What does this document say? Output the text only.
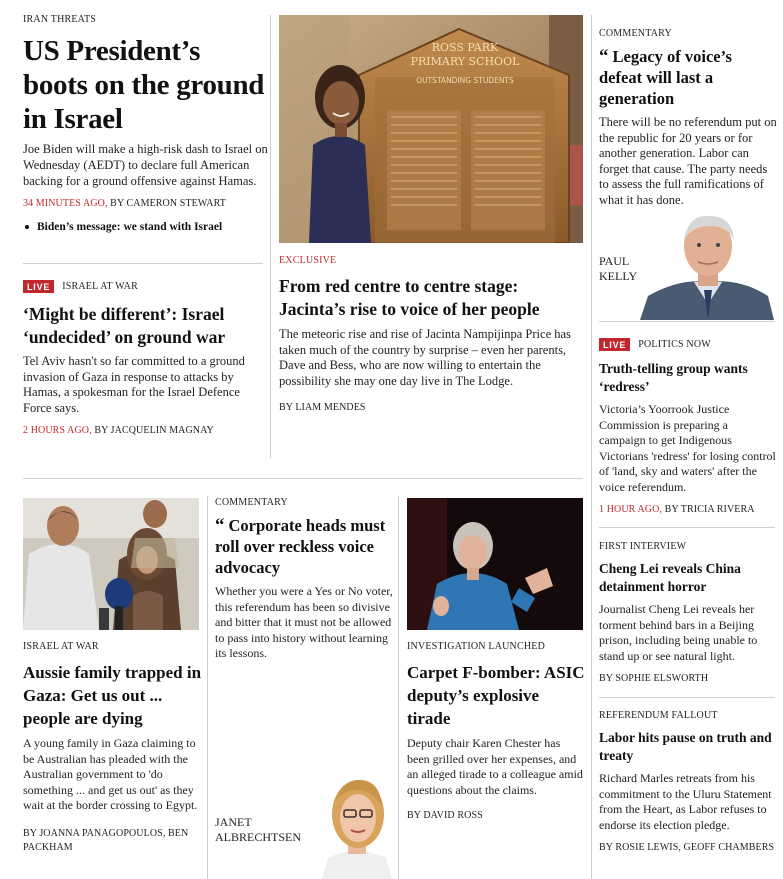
IRAN THREATS
US President’s boots on the ground in Israel

Joe Biden will make a high-risk dash to Israel on Wednesday (AEDT) to declare full American backing for a ground offensive against Hamas.

34 MINUTES AGO, BY CAMERON STEWART
Biden’s message: we stand with Israel
LIVE	ISRAEL AT WAR
‘Might be different’: Israel ‘undecided’ on ground war

Tel Aviv hasn't so far committed to a ground invasion of Gaza in response to attacks by Hamas, a spokesman for the Israel Defence Force says.

2 HOURS AGO, BY JACQUELIN MAGNAY
ROSS PARK
PRIMARY SCHOOL
OUTSTANDING STUDENTS
EXCLUSIVE
From red centre to centre stage: Jacinta’s rise to voice of her people

The meteoric rise and rise of Jacinta Nampijinpa Price has taken much of the country by surprise – even her parents, Dave and Bess, who are now willing to entertain the possibility she may one day live in The Lodge.

BY LIAM MENDES
COMMENTARY
“ Legacy of voice’s defeat will last a generation

There will be no referendum put on the republic for 20 years or for another generation. Labor can forget that cause. The party needs to assess the full ramifications of what it has done.

PAUL
KELLY
LIVE	POLITICS NOW
Truth-telling group wants ‘redress’

Victoria’s Yoorrook Justice Commission is preparing a campaign to get Indigenous Victorians 'redress' for losing control of 'land, sky and waters' after the voice referendum.

1 HOUR AGO, BY TRICIA RIVERA
ISRAEL AT WAR
Aussie family trapped in Gaza: Get us out ... people are dying

A young family in Gaza claiming to be Australian has pleaded with the Australian government to 'do something ... and get us out' as they wait at the border crossing to Egypt.

BY JOANNA PANAGOPOULOS, BEN PACKHAM
COMMENTARY
“ Corporate heads must roll over reckless voice advocacy

Whether you were a Yes or No voter, this referendum has been so divisive and bitter that it must not be allowed to pass into history without learning its lessons.

JANET
ALBRECHTSEN
INVESTIGATION LAUNCHED
Carpet F-bomber: ASIC deputy’s explosive tirade

Deputy chair Karen Chester has been grilled over her expenses, and an alleged tirade to a colleague amid questions about the claims.

BY DAVID ROSS
FIRST INTERVIEW
Cheng Lei reveals China detainment horror

Journalist Cheng Lei reveals her torment behind bars in a Beijing prison, including being unable to stand up or see natural light.

BY SOPHIE ELSWORTH
REFERENDUM FALLOUT
Labor hits pause on truth and treaty

Richard Marles retreats from his commitment to the Uluru Statement from the Heart, as Labor refuses to endorse its election pledge.

BY ROSIE LEWIS, GEOFF CHAMBERS
